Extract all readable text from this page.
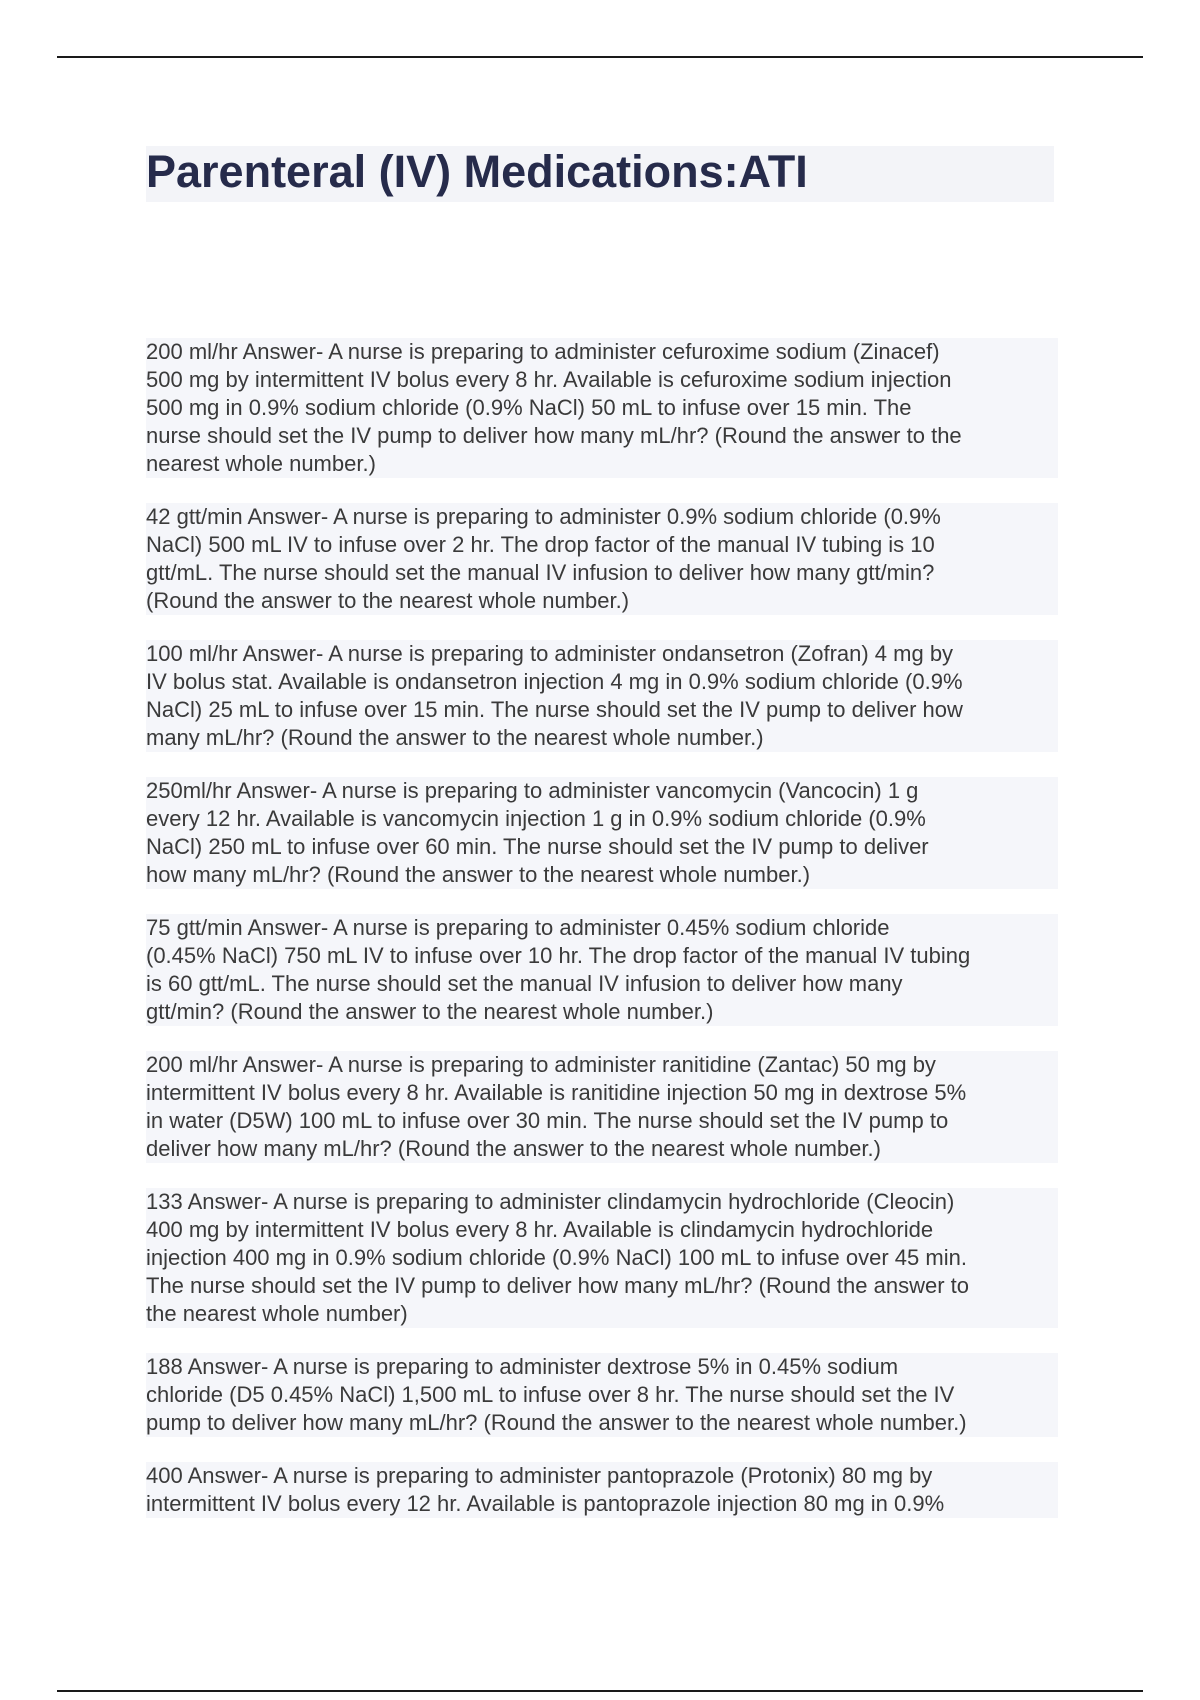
Parenteral (IV) Medications:ATI

200 ml/hr Answer- A nurse is preparing to administer cefuroxime sodium (Zinacef)
500 mg by intermittent IV bolus every 8 hr. Available is cefuroxime sodium injection
500 mg in 0.9% sodium chloride (0.9% NaCl) 50 mL to infuse over 15 min. The
nurse should set the IV pump to deliver how many mL/hr? (Round the answer to the
nearest whole number.)

42 gtt/min Answer- A nurse is preparing to administer 0.9% sodium chloride (0.9%
NaCl) 500 mL IV to infuse over 2 hr. The drop factor of the manual IV tubing is 10
gtt/mL. The nurse should set the manual IV infusion to deliver how many gtt/min?
(Round the answer to the nearest whole number.)

100 ml/hr Answer- A nurse is preparing to administer ondansetron (Zofran) 4 mg by
IV bolus stat. Available is ondansetron injection 4 mg in 0.9% sodium chloride (0.9%
NaCl) 25 mL to infuse over 15 min. The nurse should set the IV pump to deliver how
many mL/hr? (Round the answer to the nearest whole number.)

250ml/hr Answer- A nurse is preparing to administer vancomycin (Vancocin) 1 g
every 12 hr. Available is vancomycin injection 1 g in 0.9% sodium chloride (0.9%
NaCl) 250 mL to infuse over 60 min. The nurse should set the IV pump to deliver
how many mL/hr? (Round the answer to the nearest whole number.)

75 gtt/min Answer- A nurse is preparing to administer 0.45% sodium chloride
(0.45% NaCl) 750 mL IV to infuse over 10 hr. The drop factor of the manual IV tubing
is 60 gtt/mL. The nurse should set the manual IV infusion to deliver how many
gtt/min? (Round the answer to the nearest whole number.)

200 ml/hr Answer- A nurse is preparing to administer ranitidine (Zantac) 50 mg by
intermittent IV bolus every 8 hr. Available is ranitidine injection 50 mg in dextrose 5%
in water (D5W) 100 mL to infuse over 30 min. The nurse should set the IV pump to
deliver how many mL/hr? (Round the answer to the nearest whole number.)

133 Answer- A nurse is preparing to administer clindamycin hydrochloride (Cleocin)
400 mg by intermittent IV bolus every 8 hr. Available is clindamycin hydrochloride
injection 400 mg in 0.9% sodium chloride (0.9% NaCl) 100 mL to infuse over 45 min.
The nurse should set the IV pump to deliver how many mL/hr? (Round the answer to
the nearest whole number)

188 Answer- A nurse is preparing to administer dextrose 5% in 0.45% sodium
chloride (D5 0.45% NaCl) 1,500 mL to infuse over 8 hr. The nurse should set the IV
pump to deliver how many mL/hr? (Round the answer to the nearest whole number.)

400 Answer- A nurse is preparing to administer pantoprazole (Protonix) 80 mg by
intermittent IV bolus every 12 hr. Available is pantoprazole injection 80 mg in 0.9%
